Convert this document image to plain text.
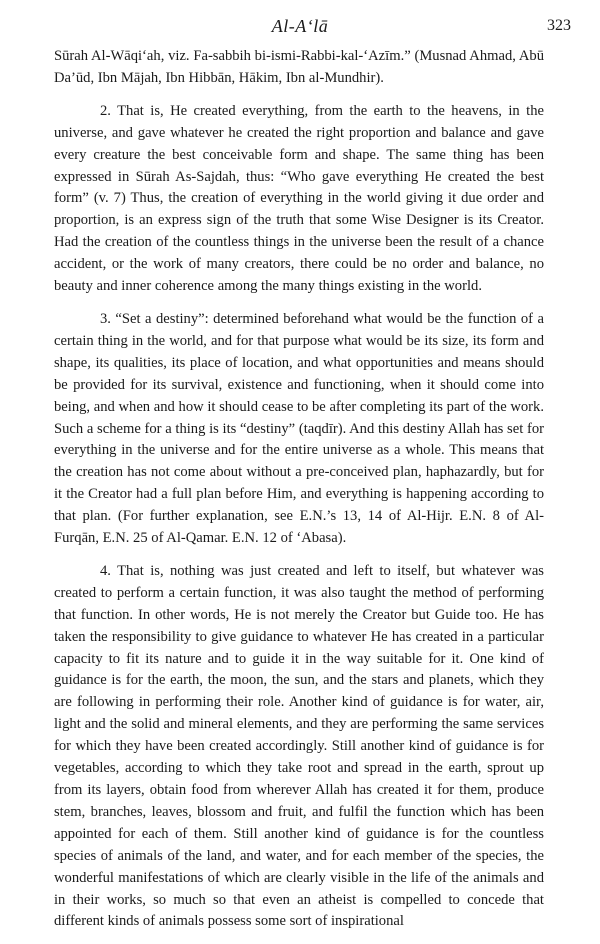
Al-A‘lā	323

Sūrah Al-Wāqi‘ah, viz. Fa-sabbih bi-ismi-Rabbi-kal-‘Azīm.” (Musnad Ahmad, Abū Da’ūd, Ibn Mājah, Ibn Hibbān, Hākim, Ibn al-Mundhir).

2. That is, He created everything, from the earth to the heavens, in the universe, and gave whatever he created the right proportion and balance and gave every creature the best conceivable form and shape. The same thing has been expressed in Sūrah As-Sajdah, thus: “Who gave everything He created the best form” (v. 7) Thus, the creation of everything in the world giving it due order and proportion, is an express sign of the truth that some Wise Designer is its Creator. Had the creation of the countless things in the universe been the result of a chance accident, or the work of many creators, there could be no order and balance, no beauty and inner coherence among the many things existing in the world.

3. “Set a destiny”: determined beforehand what would be the function of a certain thing in the world, and for that purpose what would be its size, its form and shape, its qualities, its place of location, and what opportunities and means should be provided for its survival, existence and functioning, when it should come into being, and when and how it should cease to be after completing its part of the work. Such a scheme for a thing is its “destiny” (taqdīr). And this destiny Allah has set for everything in the universe and for the entire universe as a whole. This means that the creation has not come about without a pre-conceived plan, haphazardly, but for it the Creator had a full plan before Him, and everything is happening according to that plan. (For further explanation, see E.N.’s 13, 14 of Al-Hijr. E.N. 8 of Al-Furqān, E.N. 25 of Al-Qamar. E.N. 12 of ‘Abasa).

4. That is, nothing was just created and left to itself, but whatever was created to perform a certain function, it was also taught the method of performing that function. In other words, He is not merely the Creator but Guide too. He has taken the responsibility to give guidance to whatever He has created in a particular capacity to fit its nature and to guide it in the way suitable for it. One kind of guidance is for the earth, the moon, the sun, and the stars and planets, which they are following in performing their role. Another kind of guidance is for water, air, light and the solid and mineral elements, and they are performing the same services for which they have been created accordingly. Still another kind of guidance is for vegetables, according to which they take root and spread in the earth, sprout up from its layers, obtain food from wherever Allah has created it for them, produce stem, branches, leaves, blossom and fruit, and fulfil the function which has been appointed for each of them. Still another kind of guidance is for the countless species of animals of the land, and water, and for each member of the species, the wonderful manifestations of which are clearly visible in the life of the animals and in their works, so much so that even an atheist is compelled to concede that different kinds of animals possess some sort of inspirational
